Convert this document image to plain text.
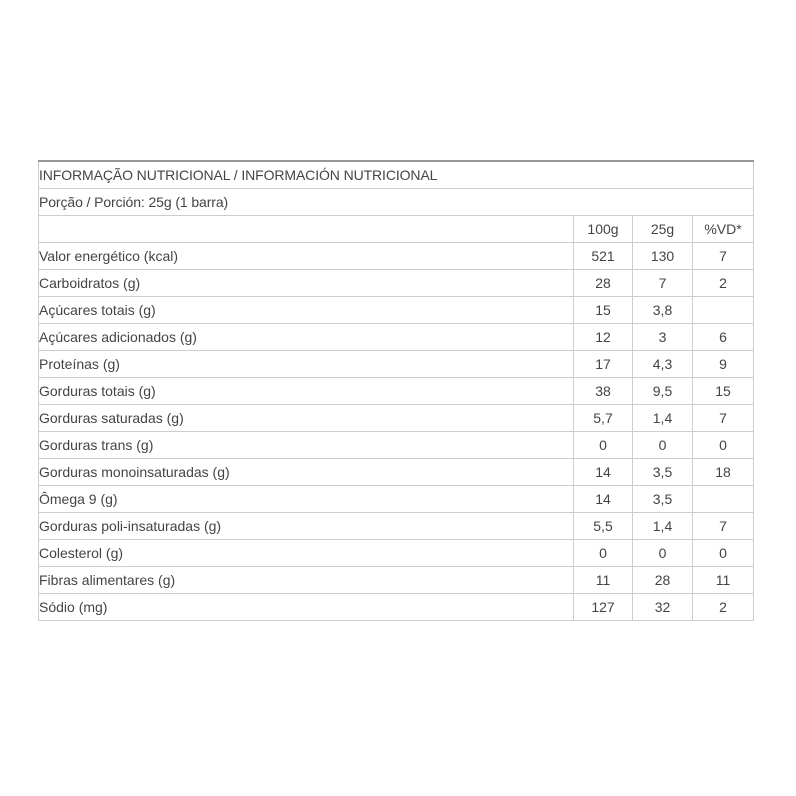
INFORMAÇÃO NUTRICIONAL / INFORMACIÓN NUTRICIONAL			
Porção / Porción: 25g (1 barra)			
	100g	25g	%VD*
Valor energético (kcal)	521	130	7
Carboidratos (g)	28	7	2
Açúcares totais (g)	15	3,8	
Açúcares adicionados (g)	12	3	6
Proteínas (g)	17	4,3	9
Gorduras totais (g)	38	9,5	15
Gorduras saturadas (g)	5,7	1,4	7
Gorduras trans (g)	0	0	0
Gorduras monoinsaturadas (g)	14	3,5	18
Ômega 9 (g)	14	3,5	
Gorduras poli-insaturadas (g)	5,5	1,4	7
Colesterol (g)	0	0	0
Fibras alimentares (g)	11	28	11
Sódio (mg)	127	32	2
